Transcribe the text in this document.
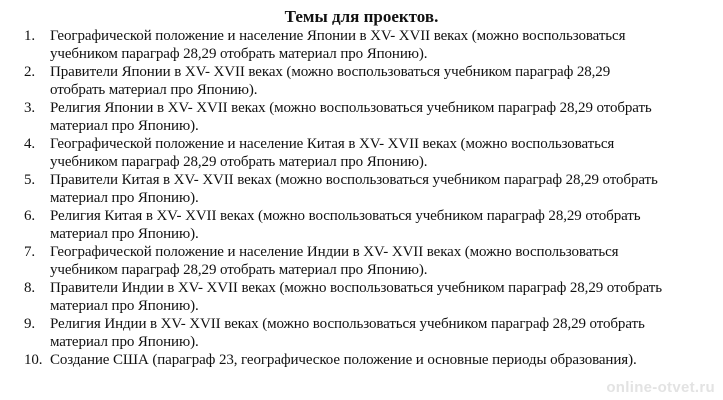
Темы для проектов.
1. Географической положение и население Японии в XV- XVII веках (можно воспользоваться
учебником параграф 28,29 отобрать материал про Японию).
2. Правители Японии в XV- XVII веках (можно воспользоваться учебником параграф 28,29
отобрать материал про Японию).
3. Религия Японии в XV- XVII веках (можно воспользоваться учебником параграф 28,29 отобрать
материал про Японию).
4. Географической положение и население Китая в XV- XVII веках (можно воспользоваться
учебником параграф 28,29 отобрать материал про Японию).
5. Правители Китая в XV- XVII веках (можно воспользоваться учебником параграф 28,29 отобрать
материал про Японию).
6. Религия Китая в XV- XVII веках (можно воспользоваться учебником параграф 28,29 отобрать
материал про Японию).
7. Географической положение и население Индии в XV- XVII веках (можно воспользоваться
учебником параграф 28,29 отобрать материал про Японию).
8. Правители Индии в XV- XVII веках (можно воспользоваться учебником параграф 28,29 отобрать
материал про Японию).
9. Религия Индии в XV- XVII веках (можно воспользоваться учебником параграф 28,29 отобрать
материал про Японию).
10. Создание США (параграф 23, географическое положение и основные периоды образования).
online-otvet.ru
